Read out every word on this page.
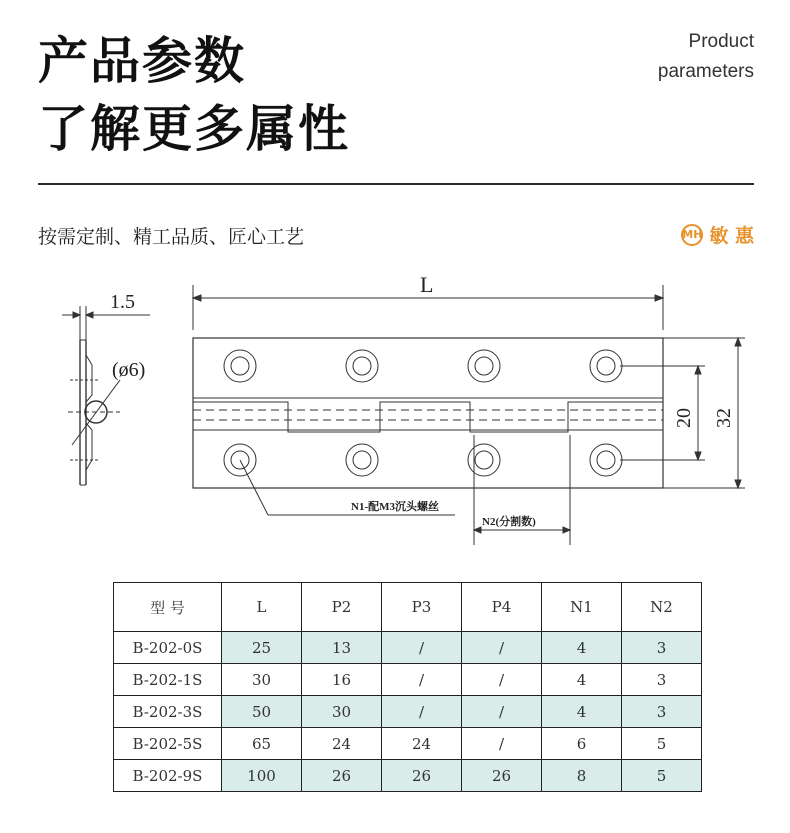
产品参数
了解更多属性
Product
parameters
按需定制、精工品质、匠心工艺	MH 敏 惠
1.5
(ø6)
L
20 32
N1-配M3沉头螺丝
N2(分割数)
型 号	L	P2	P3	P4	N1	N2
B-202-0S	25	13	/	/	4	3
B-202-1S	30	16	/	/	4	3
B-202-3S	50	30	/	/	4	3
B-202-5S	65	24	24	/	6	5
B-202-9S	100	26	26	26	8	5
